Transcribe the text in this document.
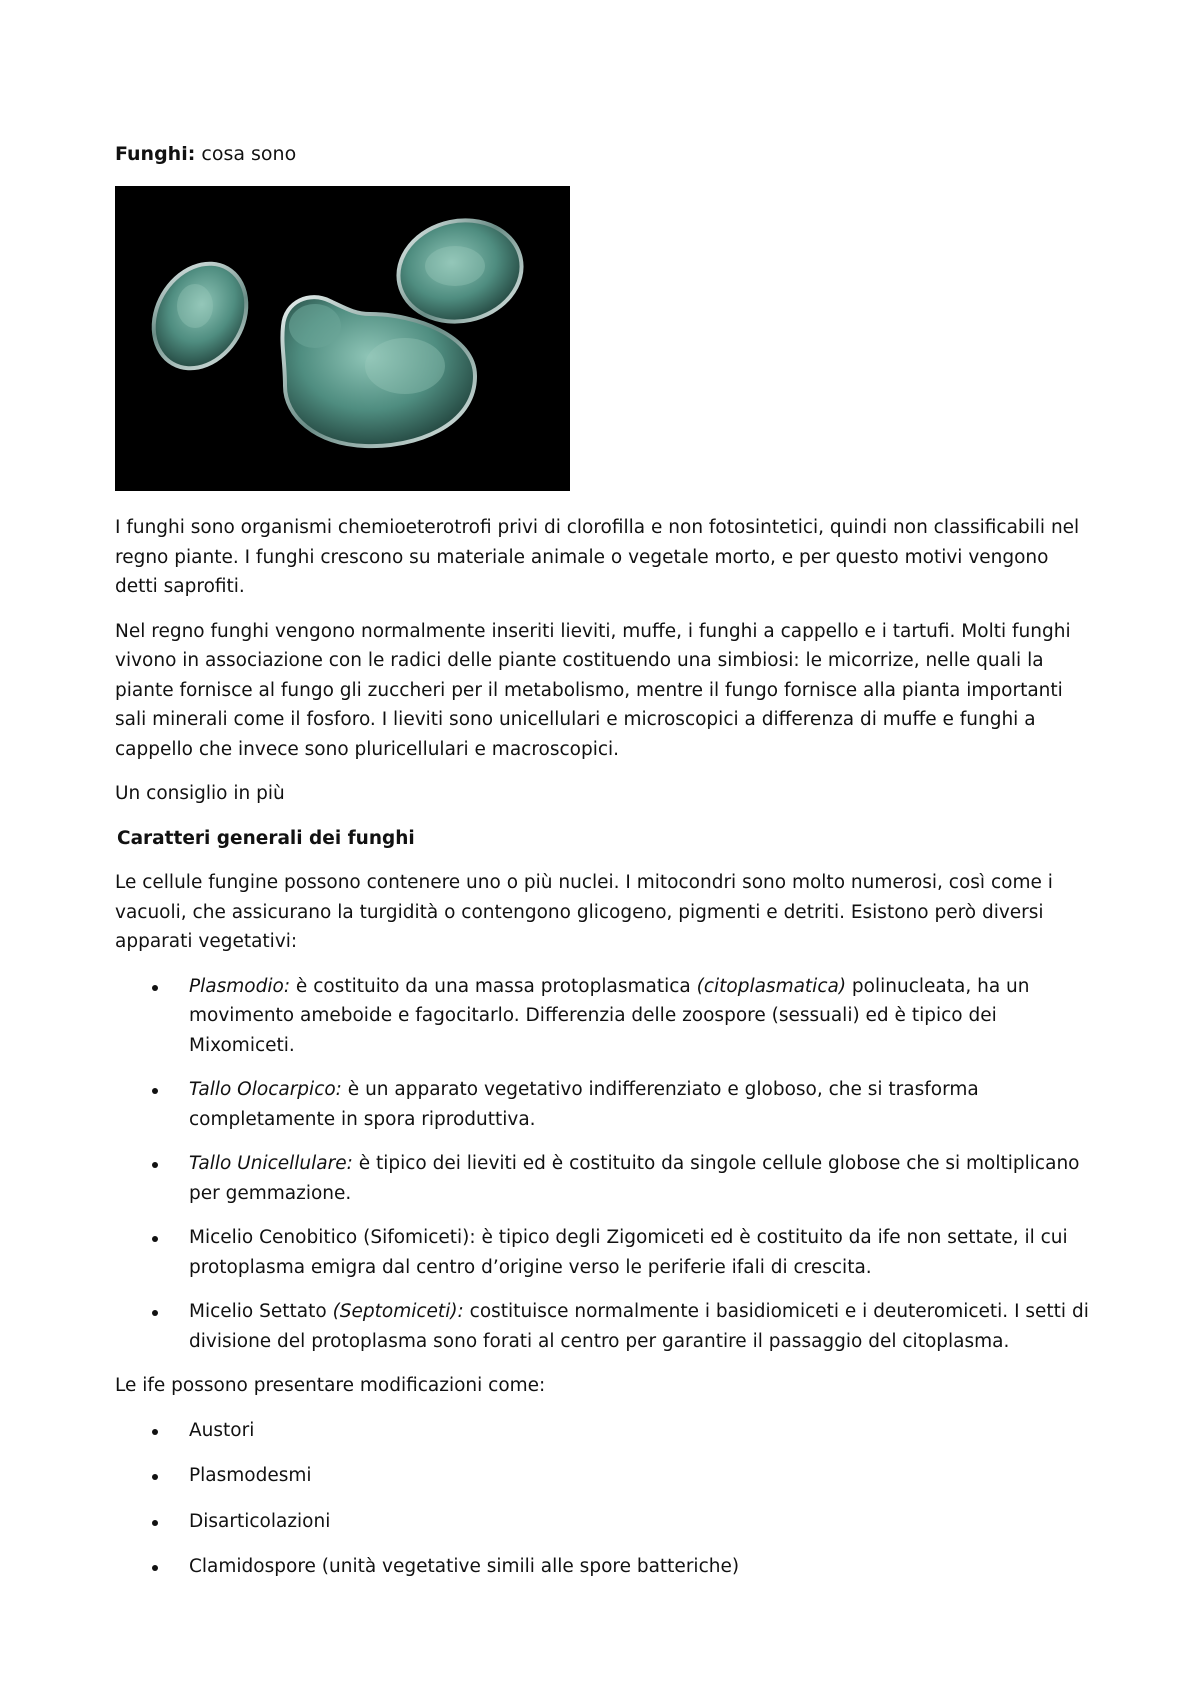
Funghi: cosa sono

I funghi sono organismi chemioeterotrofi privi di clorofilla e non fotosintetici, quindi non classificabili nel regno piante. I funghi crescono su materiale animale o vegetale morto, e per questo motivi vengono detti saprofiti.

Nel regno funghi vengono normalmente inseriti lieviti, muffe, i funghi a cappello e i tartufi. Molti funghi vivono in associazione con le radici delle piante costituendo una simbiosi: le micorrize, nelle quali la piante fornisce al fungo gli zuccheri per il metabolismo, mentre il fungo fornisce alla pianta importanti sali minerali come il fosforo. I lieviti sono unicellulari e microscopici a differenza di muffe e funghi a cappello che invece sono pluricellulari e macroscopici.

Un consiglio in più

Caratteri generali dei funghi

Le cellule fungine possono contenere uno o più nuclei. I mitocondri sono molto numerosi, così come i vacuoli, che assicurano la turgidità o contengono glicogeno, pigmenti e detriti. Esistono però diversi apparati vegetativi:

Plasmodio: è costituito da una massa protoplasmatica (citoplasmatica) polinucleata, ha un movimento ameboide e fagocitarlo. Differenzia delle zoospore (sessuali) ed è tipico dei Mixomiceti.
Tallo Olocarpico: è un apparato vegetativo indifferenziato e globoso, che si trasforma completamente in spora riproduttiva.
Tallo Unicellulare: è tipico dei lieviti ed è costituito da singole cellule globose che si moltiplicano per gemmazione.
Micelio Cenobitico (Sifomiceti): è tipico degli Zigomiceti ed è costituito da ife non settate, il cui protoplasma emigra dal centro d’origine verso le periferie ifali di crescita.
Micelio Settato (Septomiceti): costituisce normalmente i basidiomiceti e i deuteromiceti. I setti di divisione del protoplasma sono forati al centro per garantire il passaggio del citoplasma.

Le ife possono presentare modificazioni come:

Austori
Plasmodesmi
Disarticolazioni
Clamidospore (unità vegetative simili alle spore batteriche)
